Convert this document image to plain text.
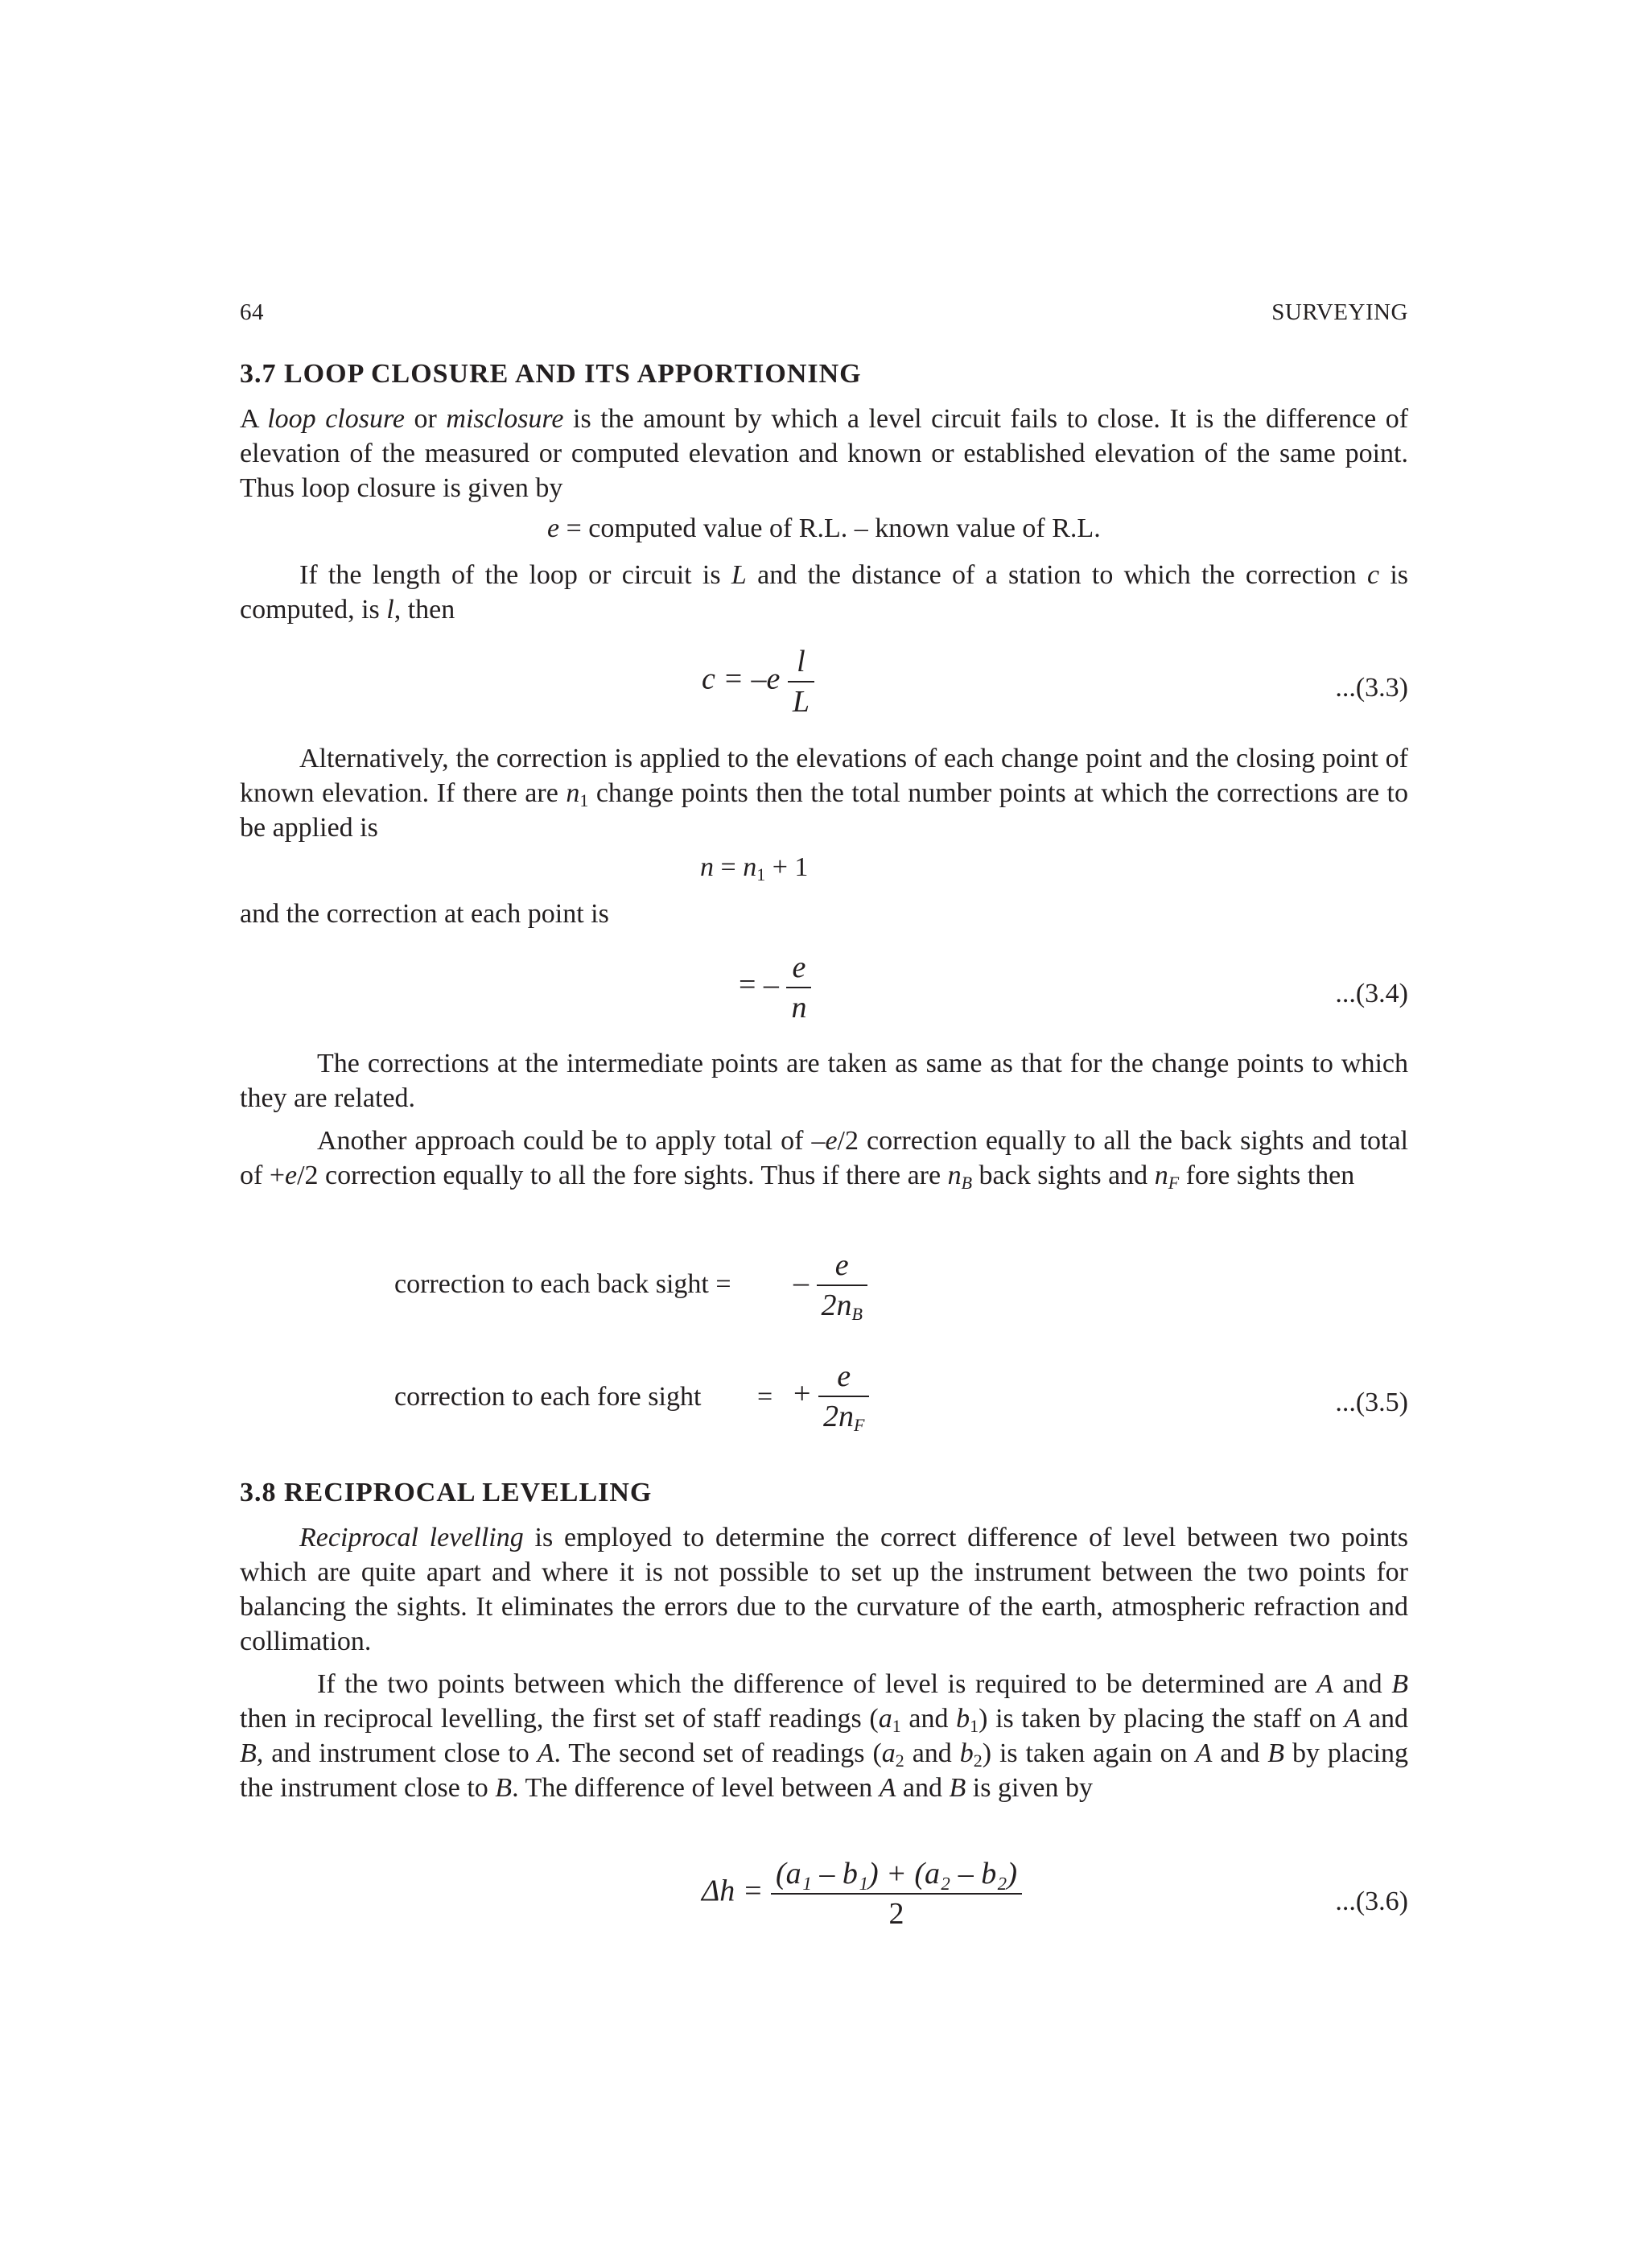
64	SURVEYING
3.7 LOOP CLOSURE AND ITS APPORTIONING
A loop closure or misclosure is the amount by which a level circuit fails to close. It is the difference of elevation of the measured or computed elevation and known or established elevation of the same point. Thus loop closure is given by
e = computed value of R.L. – known value of R.L.
If the length of the loop or circuit is L and the distance of a station to which the correction c is computed, is l, then
$c = -e \frac{l}{L}$	...(3.3)
Alternatively, the correction is applied to the elevations of each change point and the closing point of known elevation. If there are $n_1$ change points then the total number points at which the corrections are to be applied is
$n = n_1 + 1$
and the correction at each point is
= – $\frac{e}{n}$	...(3.4)
The corrections at the intermediate points are taken as same as that for the change points to which they are related.
Another approach could be to apply total of –e/2 correction equally to all the back sights and total of +e/2 correction equally to all the fore sights. Thus if there are $n_B$ back sights and $n_F$ fore sights then
correction to each back sight = – $\frac{e}{2n_B}$
correction to each fore sight = + $\frac{e}{2n_F}$	...(3.5)
3.8 RECIPROCAL LEVELLING
Reciprocal levelling is employed to determine the correct difference of level between two points which are quite apart and where it is not possible to set up the instrument between the two points for balancing the sights. It eliminates the errors due to the curvature of the earth, atmospheric refraction and collimation.
If the two points between which the difference of level is required to be determined are A and B then in reciprocal levelling, the first set of staff readings ($a_1$ and $b_1$) is taken by placing the staff on A and B, and instrument close to A. The second set of readings ($a_2$ and $b_2$) is taken again on A and B by placing the instrument close to B. The difference of level between A and B is given by
$\Delta h = \frac{\text{(a₁ – b₁) + (a₂ – b₂)}}{2}$	...(3.6)
